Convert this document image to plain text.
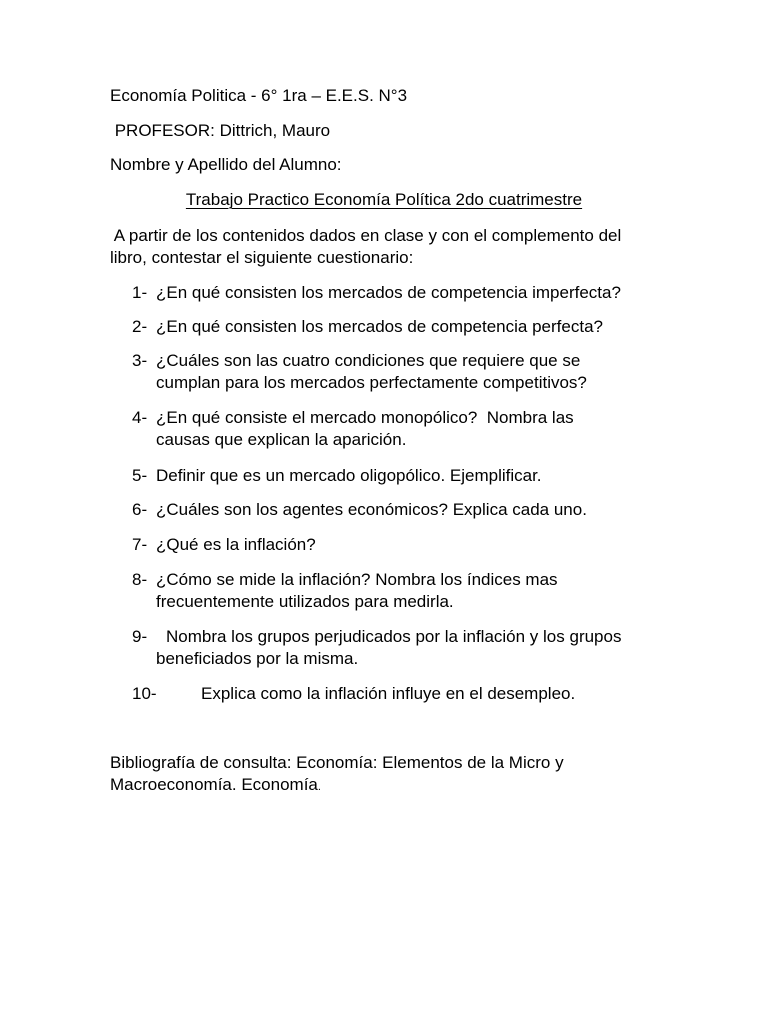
Economía Politica - 6° 1ra – E.E.S. N°3
PROFESOR: Dittrich, Mauro
Nombre y Apellido del Alumno:
Trabajo Practico Economía Política 2do cuatrimestre
A partir de los contenidos dados en clase y con el complemento del
libro, contestar el siguiente cuestionario:
1- ¿En qué consisten los mercados de competencia imperfecta?
2- ¿En qué consisten los mercados de competencia perfecta?
3- ¿Cuáles son las cuatro condiciones que requiere que se
cumplan para los mercados perfectamente competitivos?
4- ¿En qué consiste el mercado monopólico?  Nombra las
causas que explican la aparición.
5- Definir que es un mercado oligopólico. Ejemplificar.
6- ¿Cuáles son los agentes económicos? Explica cada uno.
7- ¿Qué es la inflación?
8- ¿Cómo se mide la inflación? Nombra los índices mas
frecuentemente utilizados para medirla.
9-	Nombra los grupos perjudicados por la inflación y los grupos
beneficiados por la misma.
10-	Explica como la inflación influye en el desempleo.
Bibliografía de consulta: Economía: Elementos de la Micro y
Macroeconomía. Economía.
